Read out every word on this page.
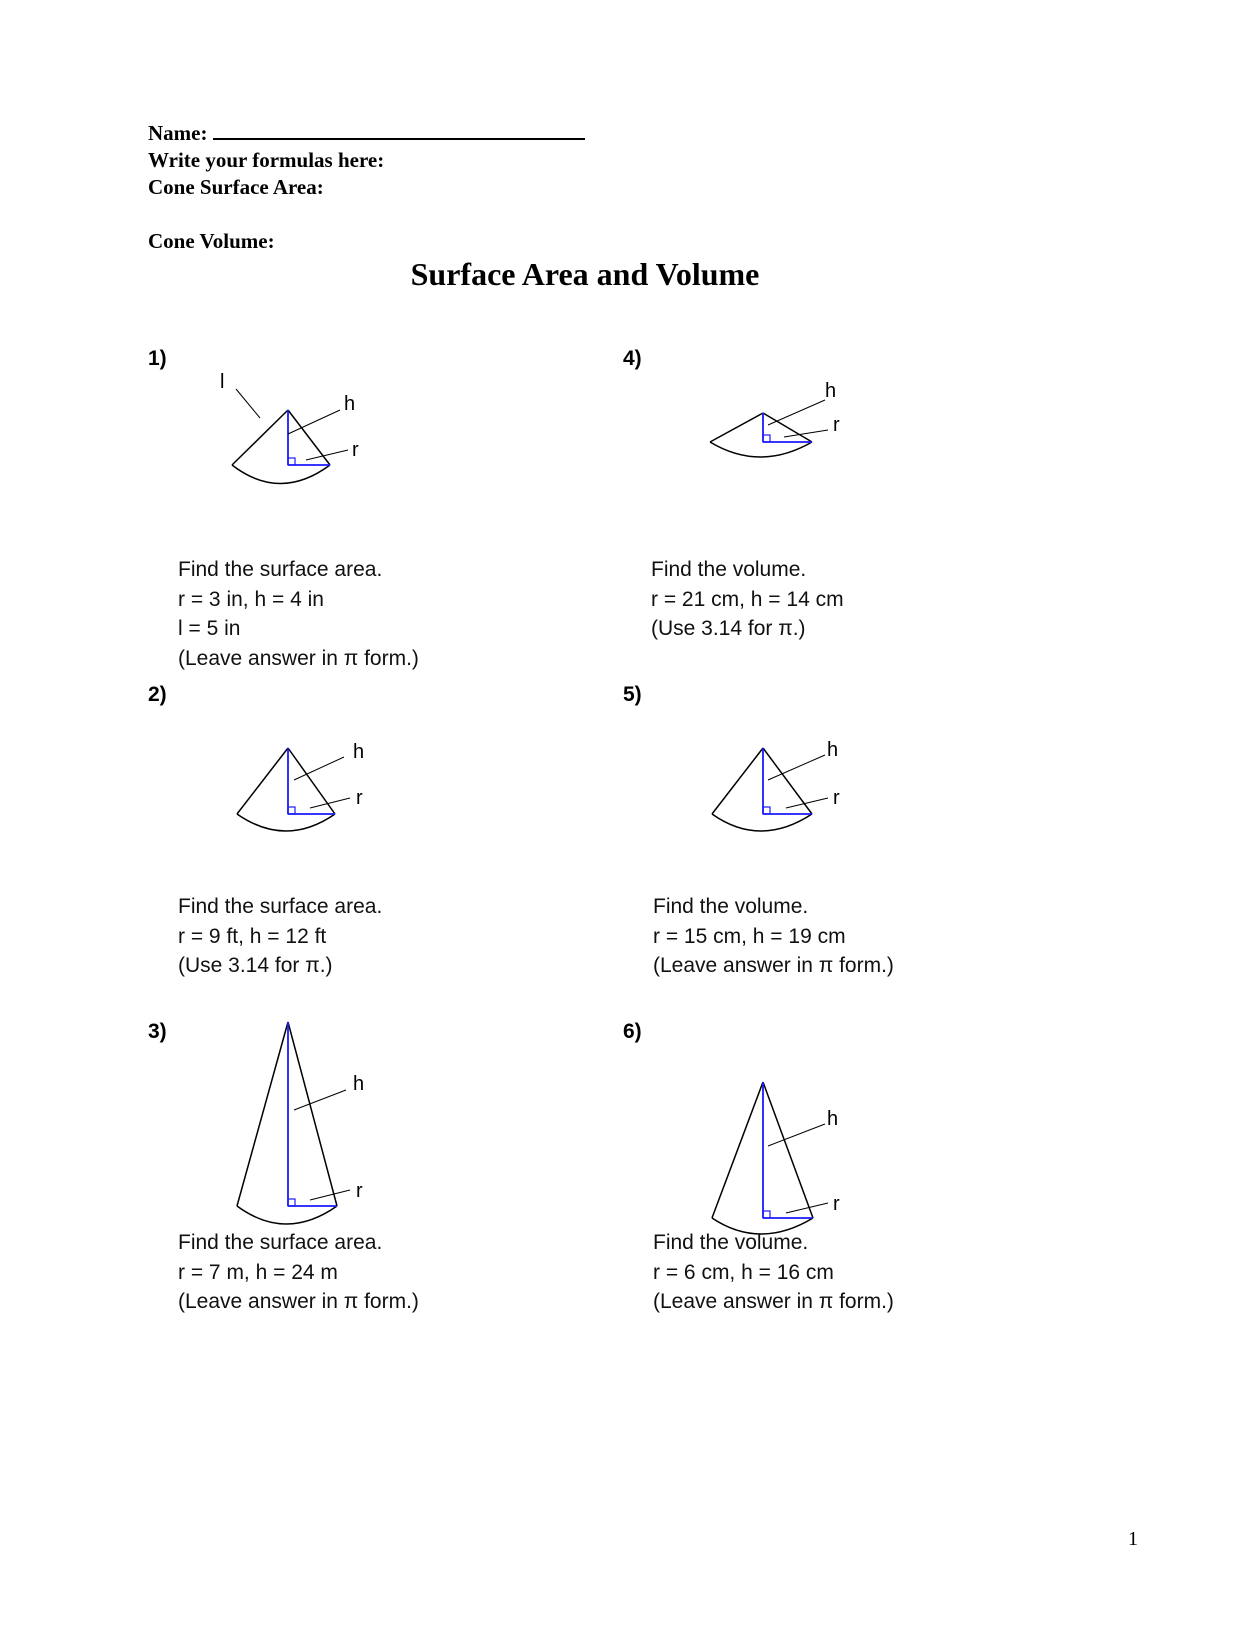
Name:
Write your formulas here:
Cone Surface Area:
Cone Volume:
Surface Area and Volume
1)
l
h
r
Find the surface area.
r = 3 in, h = 4 in
l = 5 in
(Leave answer in π form.)
2)
h
r
Find the surface area.
r = 9 ft, h = 12 ft
(Use 3.14 for π.)
3)
h
r
Find the surface area.
r = 7 m, h = 24 m
(Leave answer in π form.)
4)
h
r
Find the volume.
r = 21 cm, h = 14 cm
(Use 3.14 for π.)
5)
h
r
Find the volume.
r = 15 cm, h = 19 cm
(Leave answer in π form.)
6)
h
r
Find the volume.
r = 6 cm, h = 16 cm
(Leave answer in π form.)
1
